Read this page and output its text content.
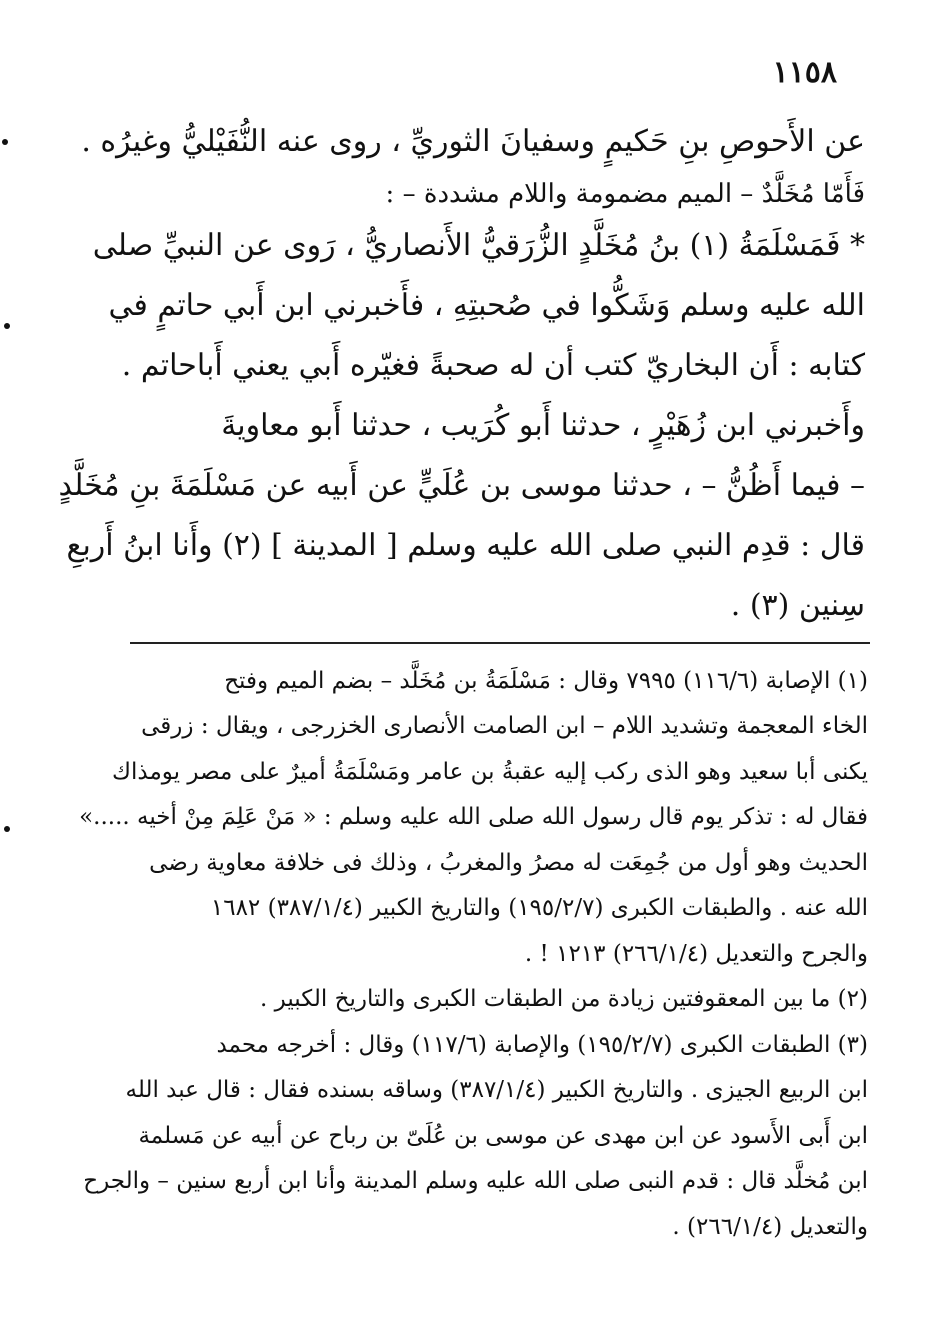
١١٥٨
عن الأَحوصِ بنِ حَكيمٍ وسفيانَ الثوريِّ ، روى عنه النُّفَيْليُّ وغيرُه .
فَأَمّا مُخَلَّدٌ – الميم مضمومة واللام مشددة – :
* فَمَسْلَمَةُ (١) بنُ مُخَلَّدٍ الزُّرَقيُّ الأَنصاريُّ ، رَوى عن النبيِّ صلى
الله عليه وسلم وَشَكُّوا في صُحبتِهِ ، فأَخبرني ابن أَبي حاتمٍ في
كتابه : أَن البخاريّ كتب أن له صحبةً فغيّره أَبي يعني أَباحاتم .
وأَخبرني ابن زُهَيْرٍ ، حدثنا أَبو كُرَيب ، حدثنا أَبو معاويةَ
– فيما أَظُنُّ – ، حدثنا موسى بن عُلَيٍّ عن أَبيه عن مَسْلَمَةَ بنِ مُخَلَّدٍ
قال : قدِم النبي صلى الله عليه وسلم [ المدينة ] (٢) وأَنا ابنُ أَربعِ
سِنين (٣) .
(١) الإصابة (١١٦/٦) ٧٩٩٥ وقال : مَسْلَمَةُ بن مُخَلَّد – بضم الميم وفتح
الخاء المعجمة وتشديد اللام – ابن الصامت الأنصارى الخزرجى ، ويقال : زرقى
يكنى أبا سعيد وهو الذى ركب إليه عقبةُ بن عامر ومَسْلَمَةُ أميرٌ على مصر يومذاك
فقال له : تذكر يوم قال رسول الله صلى الله عليه وسلم : « مَنْ عَلِمَ مِنْ أخيه .....»
الحديث وهو أول من جُمِعَت له مصرُ والمغربُ ، وذلك فى خلافة معاوية رضى
الله عنه . والطبقات الكبرى (١٩٥/٢/٧) والتاريخ الكبير (٣٨٧/١/٤) ١٦٨٢
والجرح والتعديل (٢٦٦/١/٤) ١٢١٣ ! .
(٢) ما بين المعقوفتين زيادة من الطبقات الكبرى والتاريخ الكبير .
(٣) الطبقات الكبرى (١٩٥/٢/٧) والإصابة (١١٧/٦) وقال : أخرجه محمد
ابن الربيع الجيزى . والتاريخ الكبير (٣٨٧/١/٤) وساقه بسنده فقال : قال عبد الله
ابن أَبى الأَسود عن ابن مهدى عن موسى بن عُلَىّ بن رباح عن أبيه عن مَسلمة
ابن مُخلَّد قال : قدم النبى صلى الله عليه وسلم المدينة وأنا ابن أربع سنين – والجرح
والتعديل (٢٦٦/١/٤) .
